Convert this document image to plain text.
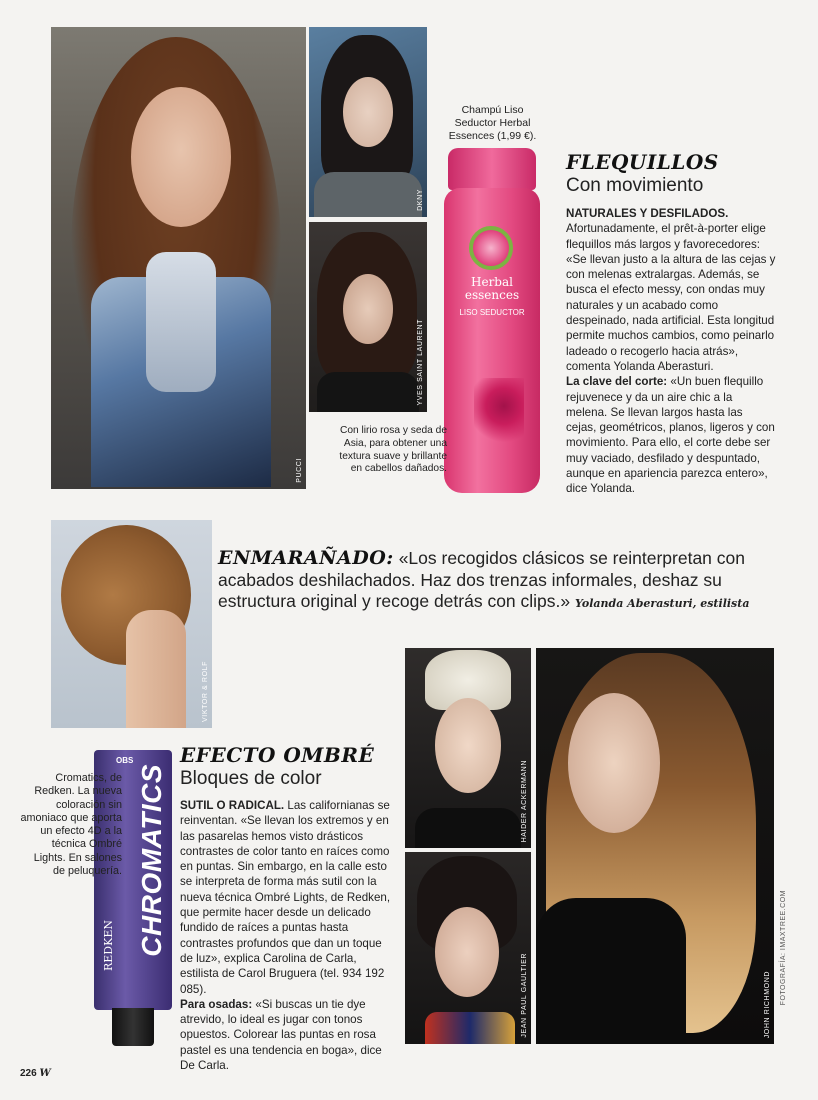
PUCCI
DKNY
YVES SAINT LAURENT
Champú Liso Seductor Herbal Essences (1,99 €).
Herbal essences
LISO SEDUCTOR
Con lirio rosa y seda de Asia, para obtener una textura suave y brillante en cabellos dañados.
FLEQUILLOS
Con movimiento
NATURALES Y DESFILADOS. Afortunadamente, el prêt-à-porter elige flequillos más largos y favorecedores: «Se llevan justo a la altura de las cejas y con melenas extralargas. Además, se busca el efecto messy, con ondas muy naturales y un acabado como despeinado, nada artificial. Esta longitud permite muchos cambios, como peinarlo ladeado o recogerlo hacia atrás», comenta Yolanda Aberasturi.
La clave del corte: «Un buen flequillo rejuvenece y da un aire chic a la melena. Se llevan largos hasta las cejas, geométricos, planos, ligeros y con movimiento. Para ello, el corte debe ser muy vaciado, desfilado y despuntado, aunque en apariencia parezca entero», dice Yolanda.
VIKTOR & ROLF
ENMARAÑADO: «Los recogidos clásicos se reinterpretan con acabados deshilachados. Haz dos trenzas informales, deshaz su estructura original y recoge detrás con clips.» Yolanda Aberasturi, estilista
OBS
CHROMATICS
REDKEN
Cromatics, de Redken. La nueva coloración sin amoniaco que aporta un efecto 4D a la técnica Ombré Lights. En salones de peluquería.
EFECTO OMBRÉ
Bloques de color
SUTIL O RADICAL. Las californianas se reinventan. «Se llevan los extremos y en las pasarelas hemos visto drásticos contrastes de color tanto en raíces como en puntas. Sin embargo, en la calle esto se interpreta de forma más sutil con la nueva técnica Ombré Lights, de Redken, que permite hacer desde un delicado fundido de raíces a puntas hasta contrastes profundos que dan un toque de luz», explica Carolina de Carla, estilista de Carol Bruguera (tel. 934 192 085).
Para osadas: «Si buscas un tie dye atrevido, lo ideal es jugar con tonos opuestos. Colorear las puntas en rosa pastel es una tendencia en boga», dice De Carla.
HAIDER ACKERMANN
JEAN PAUL GAULTIER	JOHN RICHMOND FOTOGRAFÍA: IMAXTREE.COM
226 W
